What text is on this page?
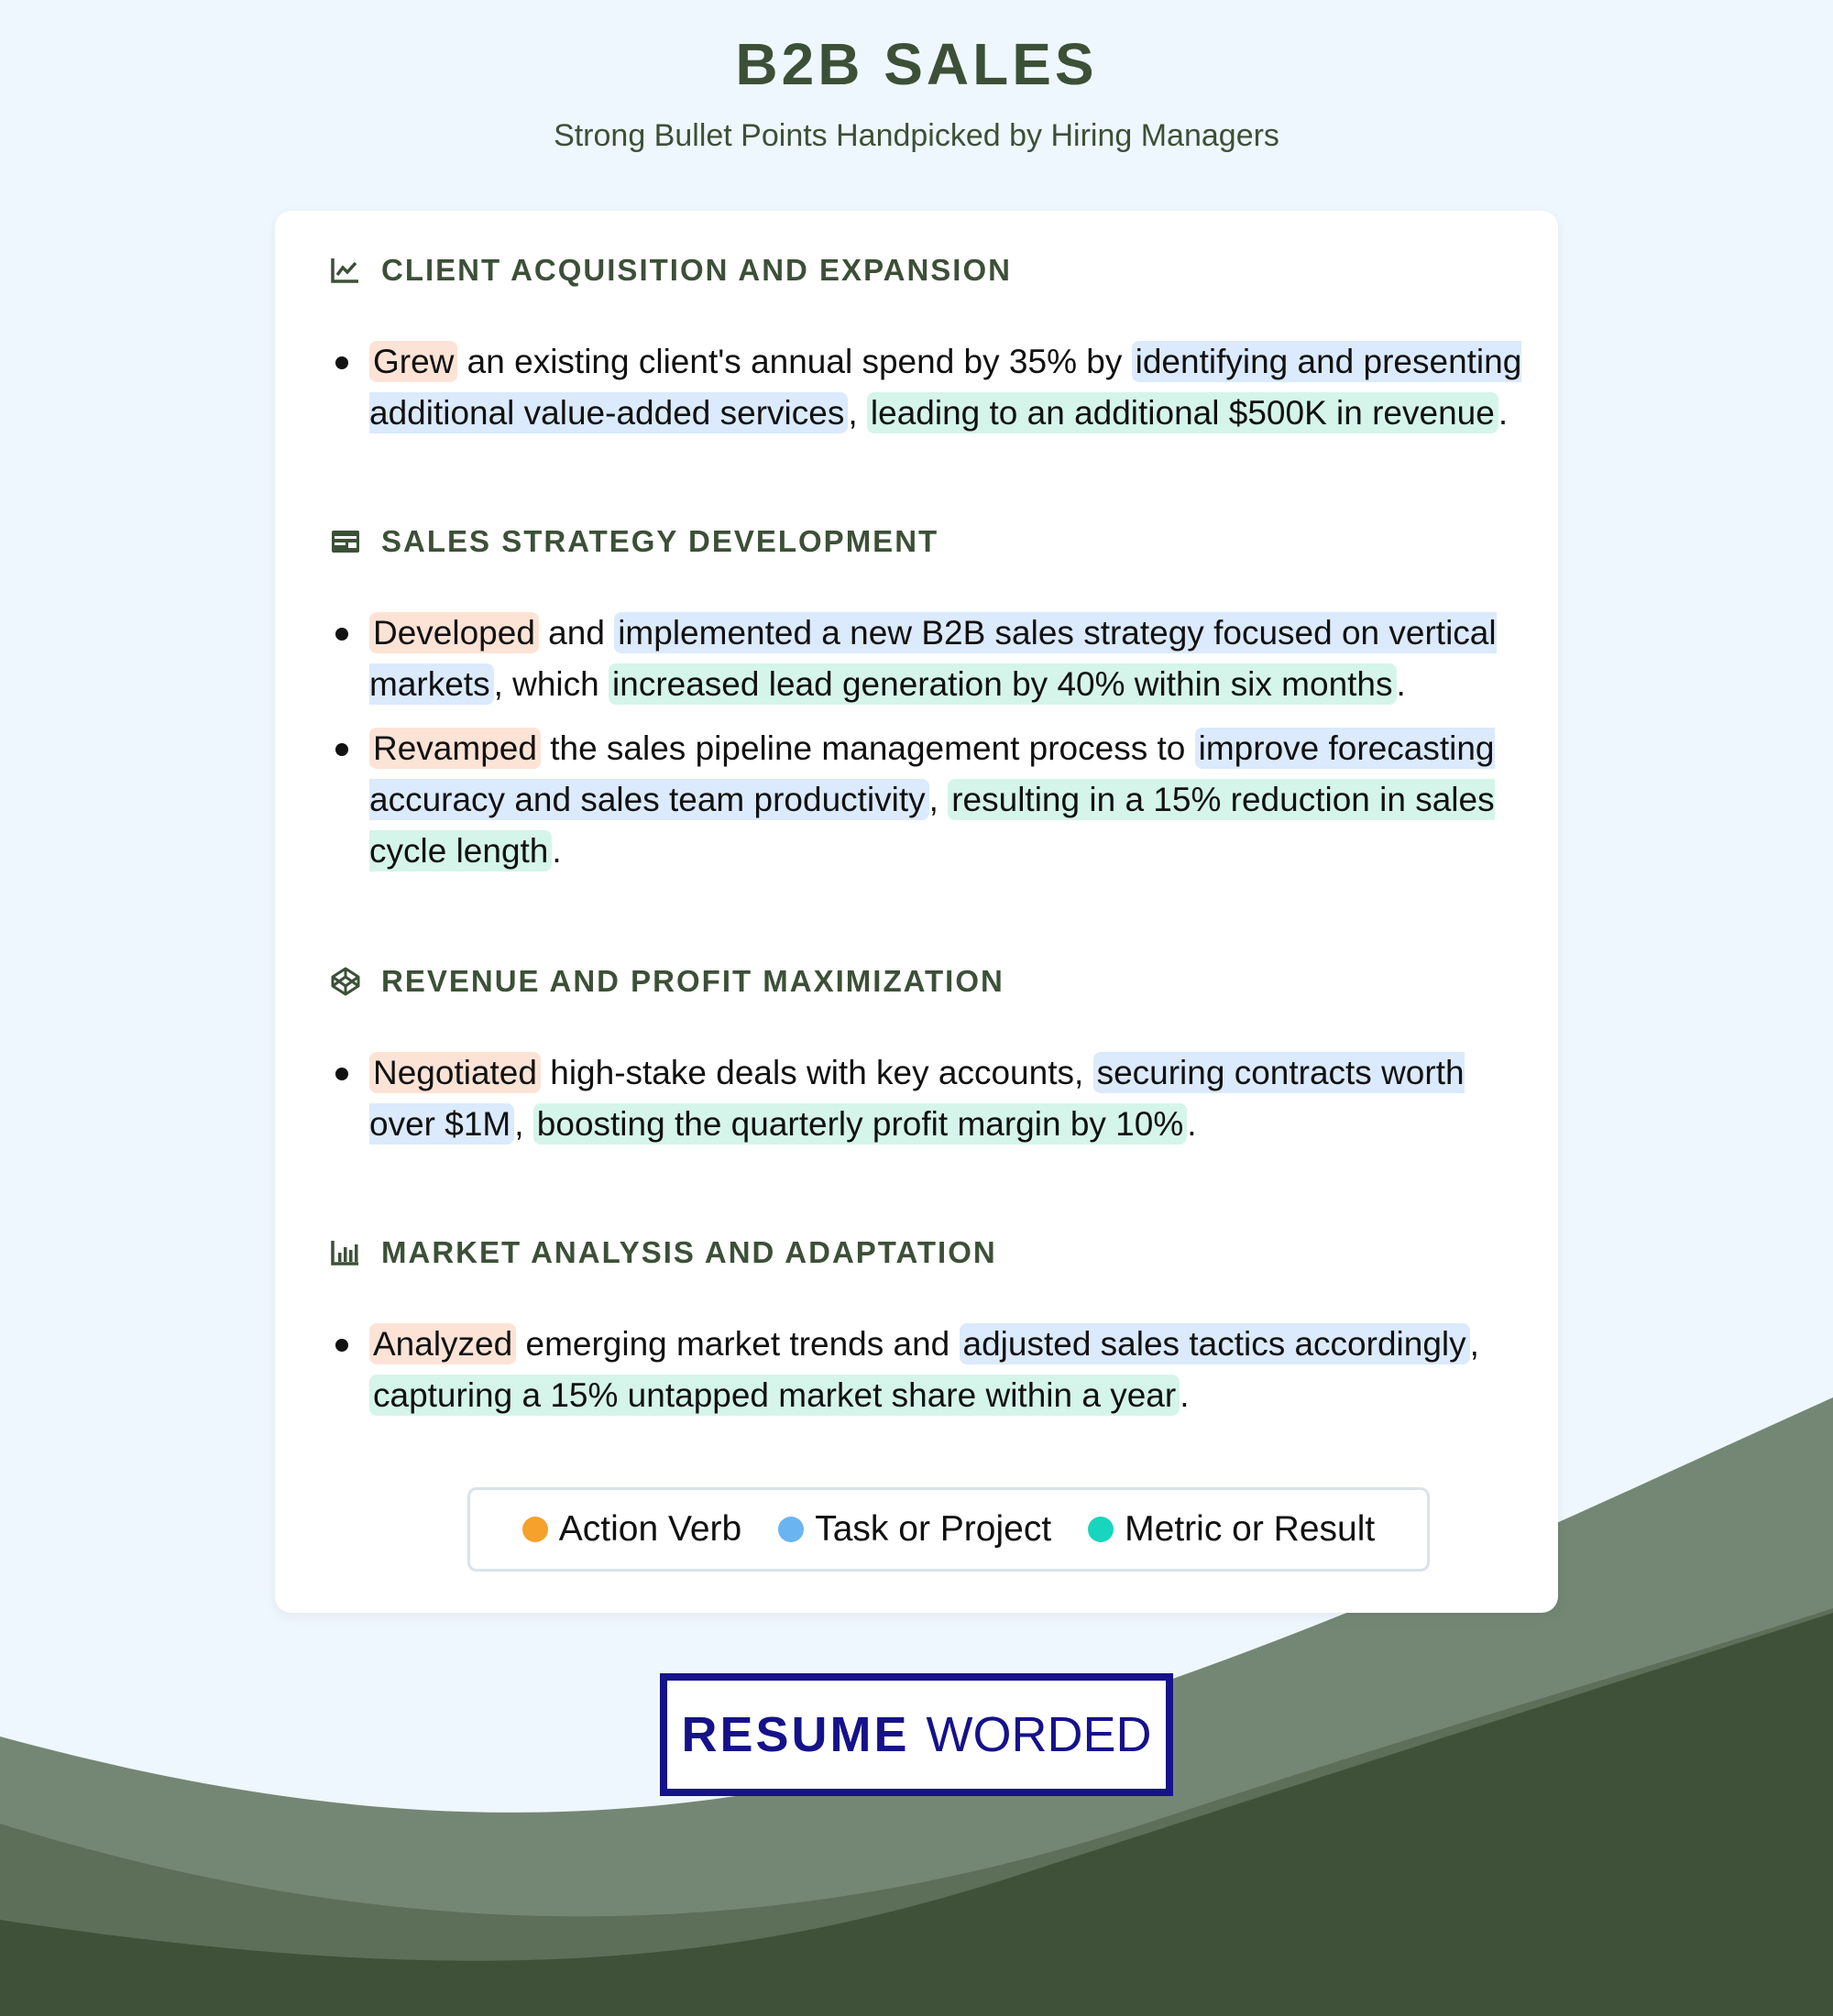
B2B SALES
Strong Bullet Points Handpicked by Hiring Managers
CLIENT ACQUISITION AND EXPANSION
Grew an existing client's annual spend by 35% by identifying and presenting additional value-added services , leading to an additional $500K in revenue .
SALES STRATEGY DEVELOPMENT
Developed and implemented a new B2B sales strategy focused on vertical markets , which increased lead generation by 40% within six months .
Revamped the sales pipeline management process to improve forecasting accuracy and sales team productivity , resulting in a 15% reduction in sales cycle length .
REVENUE AND PROFIT MAXIMIZATION
Negotiated high-stake deals with key accounts, securing contracts worth over $1M , boosting the quarterly profit margin by 10% .
MARKET ANALYSIS AND ADAPTATION
Analyzed emerging market trends and adjusted sales tactics accordingly , capturing a 15% untapped market share within a year .
Action Verb Task or Project Metric or Result
RESUME WORDED
